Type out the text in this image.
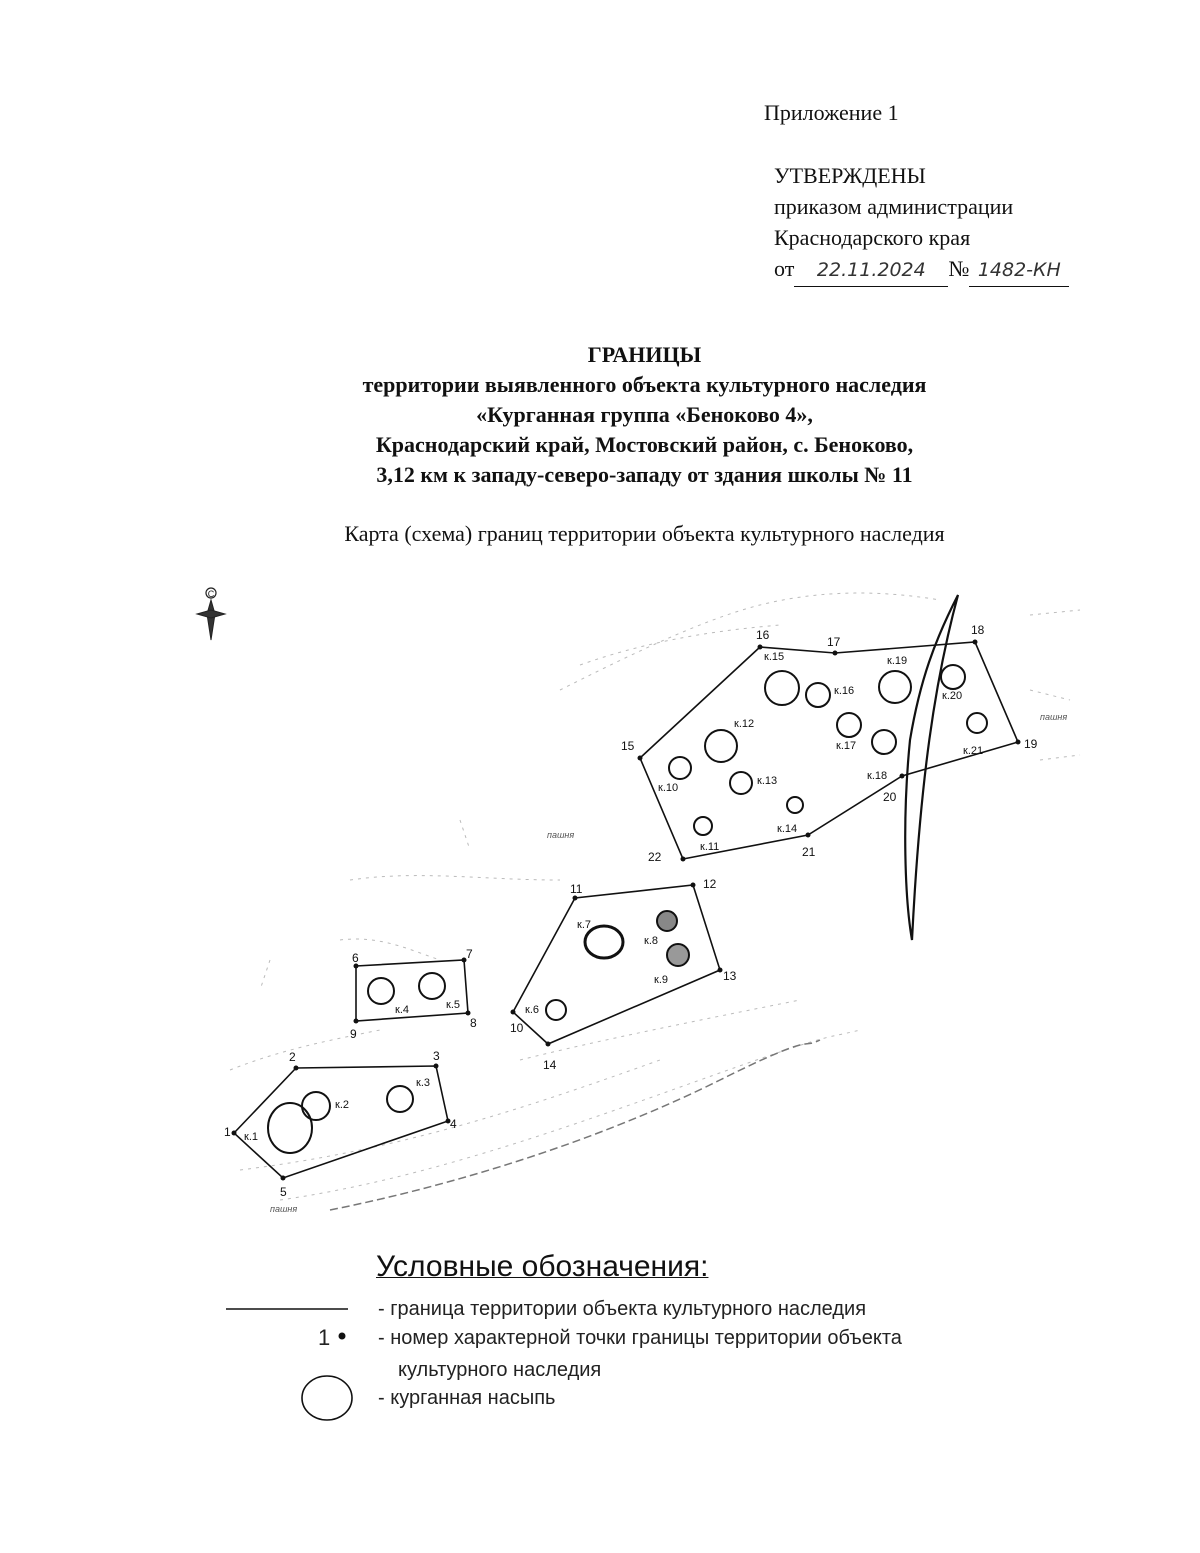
Приложение 1
УТВЕРЖДЕНЫ
приказом администрации
Краснодарского края
от	22.11.2024	№ 1482-КН
ГРАНИЦЫ
территории выявленного объекта культурного наследия
«Курганная группа «Беноково 4»,
Краснодарский край, Мостовский район, с. Беноково,
3,12 км к западу-северо-западу от здания школы № 11
Карта (схема) границ территории объекта культурного наследия
С
1
2	3
4
5
6	7
8
9	10
11	12
13
14
15
16	17
18
19
20
21
22
к.1
к.2
к.3
к.4	к.5	к.6
к.7
к.8
к.9
к.10
к.11
к.12
к.13
к.14
к.15
к.16
к.17
к.18
к.19
к.20
к.21
пашня
пашня
пашня
Условные обозначения:
- граница территории объекта культурного наследия
1 - номер характерной точки границы территории объекта
культурного наследия
- курганная насыпь
